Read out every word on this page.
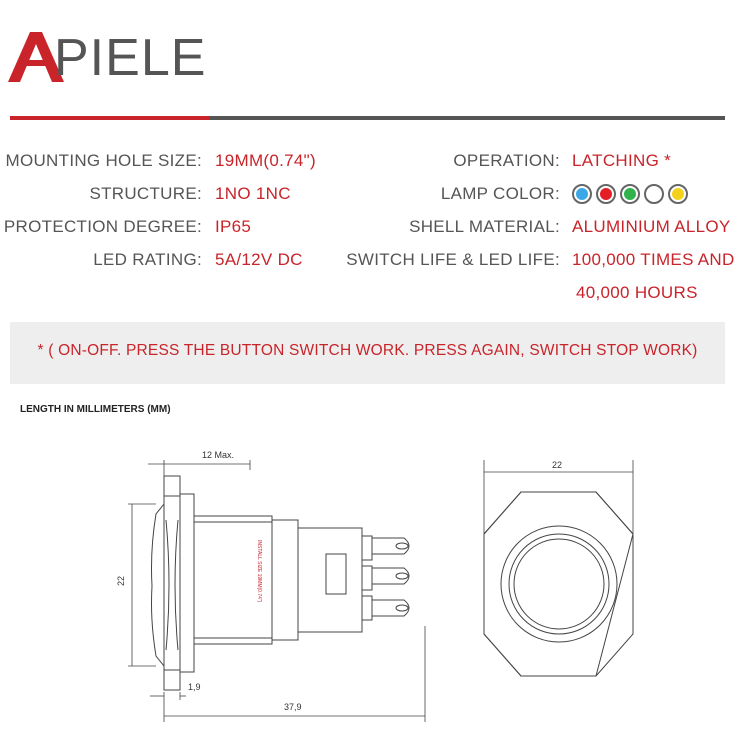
PIELE
MOUNTING HOLE SIZE: 19MM(0.74")
STRUCTURE: 1NO 1NC
PROTECTION DEGREE: IP65
LED RATING: 5A/12V DC
OPERATION: LATCHING *
LAMP COLOR:
SHELL MATERIAL: ALUMINIUM ALLOY
SWITCH LIFE & LED LIFE: 100,000 TIMES AND
40,000 HOURS
* ( ON-OFF. PRESS THE BUTTON SWITCH WORK. PRESS AGAIN, SWITCH STOP WORK)
LENGTH IN MILLIMETERS (MM)
INSTALL SIZE 19MM(0.74")
12 Max.
22
1,9
37,9
22
